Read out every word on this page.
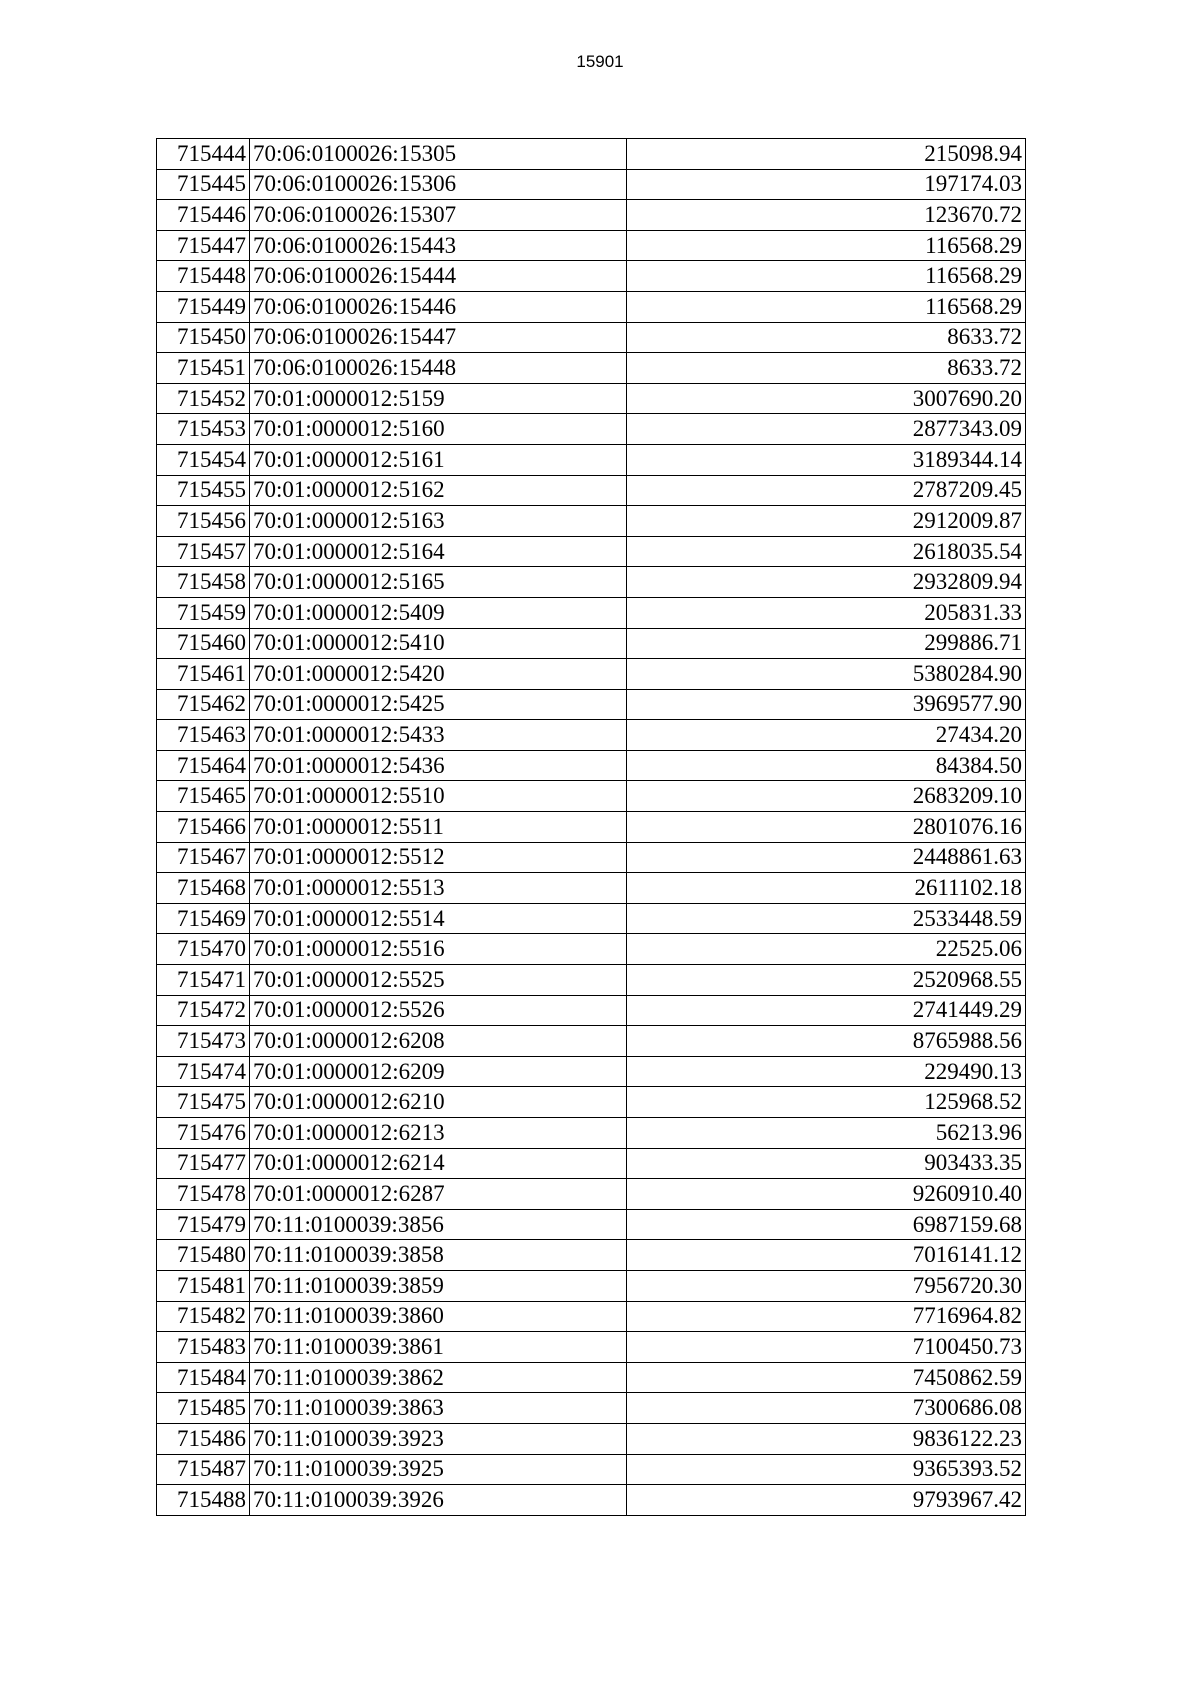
15901
715444	70:06:0100026:15305	215098.94
715445	70:06:0100026:15306	197174.03
715446	70:06:0100026:15307	123670.72
715447	70:06:0100026:15443	116568.29
715448	70:06:0100026:15444	116568.29
715449	70:06:0100026:15446	116568.29
715450	70:06:0100026:15447	8633.72
715451	70:06:0100026:15448	8633.72
715452	70:01:0000012:5159	3007690.20
715453	70:01:0000012:5160	2877343.09
715454	70:01:0000012:5161	3189344.14
715455	70:01:0000012:5162	2787209.45
715456	70:01:0000012:5163	2912009.87
715457	70:01:0000012:5164	2618035.54
715458	70:01:0000012:5165	2932809.94
715459	70:01:0000012:5409	205831.33
715460	70:01:0000012:5410	299886.71
715461	70:01:0000012:5420	5380284.90
715462	70:01:0000012:5425	3969577.90
715463	70:01:0000012:5433	27434.20
715464	70:01:0000012:5436	84384.50
715465	70:01:0000012:5510	2683209.10
715466	70:01:0000012:5511	2801076.16
715467	70:01:0000012:5512	2448861.63
715468	70:01:0000012:5513	2611102.18
715469	70:01:0000012:5514	2533448.59
715470	70:01:0000012:5516	22525.06
715471	70:01:0000012:5525	2520968.55
715472	70:01:0000012:5526	2741449.29
715473	70:01:0000012:6208	8765988.56
715474	70:01:0000012:6209	229490.13
715475	70:01:0000012:6210	125968.52
715476	70:01:0000012:6213	56213.96
715477	70:01:0000012:6214	903433.35
715478	70:01:0000012:6287	9260910.40
715479	70:11:0100039:3856	6987159.68
715480	70:11:0100039:3858	7016141.12
715481	70:11:0100039:3859	7956720.30
715482	70:11:0100039:3860	7716964.82
715483	70:11:0100039:3861	7100450.73
715484	70:11:0100039:3862	7450862.59
715485	70:11:0100039:3863	7300686.08
715486	70:11:0100039:3923	9836122.23
715487	70:11:0100039:3925	9365393.52
715488	70:11:0100039:3926	9793967.42
